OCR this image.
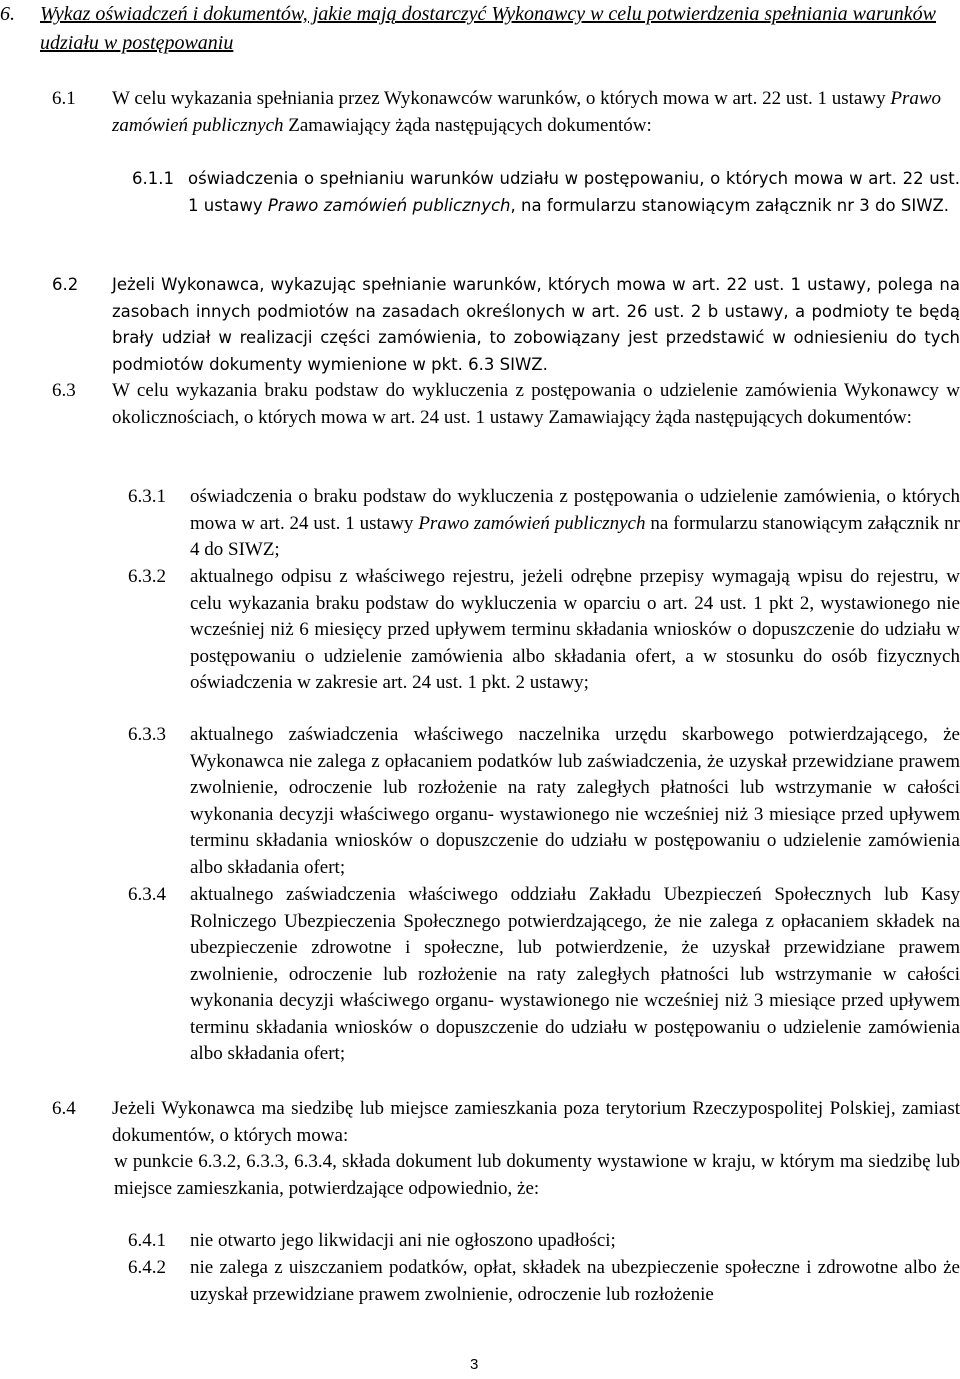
6. Wykaz oświadczeń i dokumentów, jakie mają dostarczyć Wykonawcy w celu potwierdzenia spełniania warunków udziału w postępowaniu
6.1 W celu wykazania spełniania przez Wykonawców warunków, o których mowa w art. 22 ust. 1 ustawy Prawo zamówień publicznych Zamawiający żąda następujących dokumentów:
6.1.1 oświadczenia o spełnianiu warunków udziału w postępowaniu, o których mowa w art. 22 ust. 1 ustawy Prawo zamówień publicznych, na formularzu stanowiącym załącznik nr 3 do SIWZ.
6.2 Jeżeli Wykonawca, wykazując spełnianie warunków, których mowa w art. 22 ust. 1 ustawy, polega na zasobach innych podmiotów na zasadach określonych w art. 26 ust. 2 b ustawy, a podmioty te będą brały udział w realizacji części zamówienia, to zobowiązany jest przedstawić w odniesieniu do tych podmiotów dokumenty wymienione w pkt. 6.3 SIWZ.
6.3 W celu wykazania braku podstaw do wykluczenia z postępowania o udzielenie zamówienia Wykonawcy w okolicznościach, o których mowa w art. 24 ust. 1 ustawy Zamawiający żąda następujących dokumentów:
6.3.1 oświadczenia o braku podstaw do wykluczenia z postępowania o udzielenie zamówienia, o których mowa w art. 24 ust. 1 ustawy Prawo zamówień publicznych na formularzu stanowiącym załącznik nr 4 do SIWZ;
6.3.2 aktualnego odpisu z właściwego rejestru, jeżeli odrębne przepisy wymagają wpisu do rejestru, w celu wykazania braku podstaw do wykluczenia w oparciu o art. 24 ust. 1 pkt 2, wystawionego nie wcześniej niż 6 miesięcy przed upływem terminu składania wniosków o dopuszczenie do udziału w postępowaniu o udzielenie zamówienia albo składania ofert, a w stosunku do osób fizycznych oświadczenia w zakresie art. 24 ust. 1 pkt. 2 ustawy;
6.3.3 aktualnego zaświadczenia właściwego naczelnika urzędu skarbowego potwierdzającego, że Wykonawca nie zalega z opłacaniem podatków lub zaświadczenia, że uzyskał przewidziane prawem zwolnienie, odroczenie lub rozłożenie na raty zaległych płatności lub wstrzymanie w całości wykonania decyzji właściwego organu- wystawionego nie wcześniej niż 3 miesiące przed upływem terminu składania wniosków o dopuszczenie do udziału w postępowaniu o udzielenie zamówienia albo składania ofert;
6.3.4 aktualnego zaświadczenia właściwego oddziału Zakładu Ubezpieczeń Społecznych lub Kasy Rolniczego Ubezpieczenia Społecznego potwierdzającego, że nie zalega z opłacaniem składek na ubezpieczenie zdrowotne i społeczne, lub potwierdzenie, że uzyskał przewidziane prawem zwolnienie, odroczenie lub rozłożenie na raty zaległych płatności lub wstrzymanie w całości wykonania decyzji właściwego organu- wystawionego nie wcześniej niż 3 miesiące przed upływem terminu składania wniosków o dopuszczenie do udziału w postępowaniu o udzielenie zamówienia albo składania ofert;
6.4 Jeżeli Wykonawca ma siedzibę lub miejsce zamieszkania poza terytorium Rzeczypospolitej Polskiej, zamiast dokumentów, o których mowa:
w punkcie 6.3.2, 6.3.3, 6.3.4, składa dokument lub dokumenty wystawione w kraju, w którym ma siedzibę lub miejsce zamieszkania, potwierdzające odpowiednio, że:
6.4.1 nie otwarto jego likwidacji ani nie ogłoszono upadłości;
6.4.2 nie zalega z uiszczaniem podatków, opłat, składek na ubezpieczenie społeczne i zdrowotne albo że uzyskał przewidziane prawem zwolnienie, odroczenie lub rozłożenie
3
